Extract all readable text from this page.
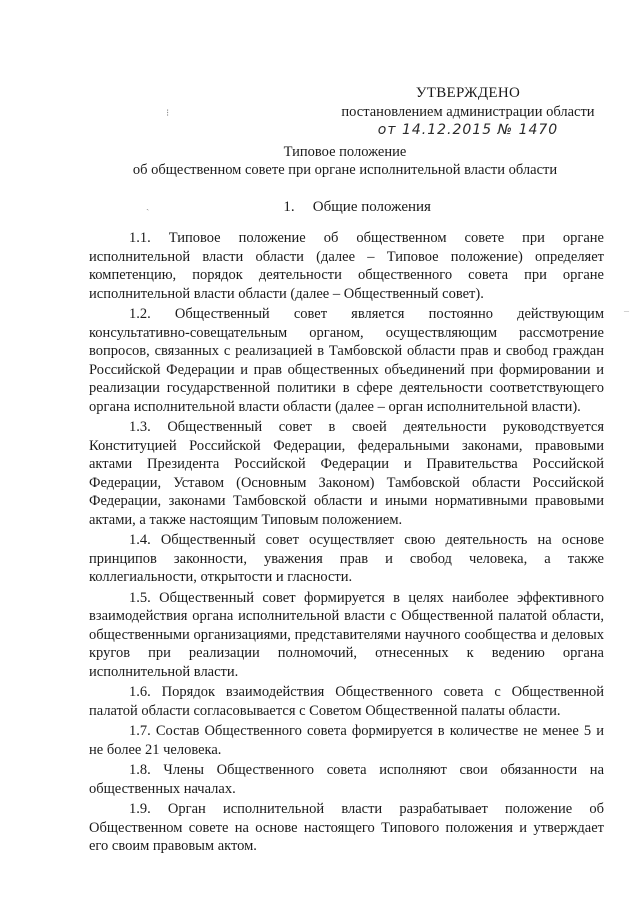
⁝
ˎ
–
УТВЕРЖДЕНО
постановлением администрации области
от 14.12.2015 № 1470
Типовое положение
об общественном совете при органе исполнительной власти области
1. Общие положения

1.1. Типовое положение об общественном совете при органе исполнительной власти области (далее – Типовое положение) определяет компетенцию, порядок деятельности общественного совета при органе исполнительной власти области (далее – Общественный совет).

1.2. Общественный совет является постоянно действующим консультативно-совещательным органом, осуществляющим рассмотрение вопросов, связанных с реализацией в Тамбовской области прав и свобод граждан Российской Федерации и прав общественных объединений при формировании и реализации государственной политики в сфере деятельности соответствующего органа исполнительной власти области (далее – орган исполнительной власти).

1.3. Общественный совет в своей деятельности руководствуется Конституцией Российской Федерации, федеральными законами, правовыми актами Президента Российской Федерации и Правительства Российской Федерации, Уставом (Основным Законом) Тамбовской области Российской Федерации, законами Тамбовской области и иными нормативными правовыми актами, а также настоящим Типовым положением.

1.4. Общественный совет осуществляет свою деятельность на основе принципов законности, уважения прав и свобод человека, а также коллегиальности, открытости и гласности.

1.5. Общественный совет формируется в целях наиболее эффективного взаимодействия органа исполнительной власти с Общественной палатой области, общественными организациями, представителями научного сообщества и деловых кругов при реализации полномочий, отнесенных к ведению органа исполнительной власти.

1.6. Порядок взаимодействия Общественного совета с Общественной палатой области согласовывается с Советом Общественной палаты области.

1.7. Состав Общественного совета формируется в количестве не менее 5 и не более 21 человека.

1.8. Члены Общественного совета исполняют свои обязанности на общественных началах.

1.9. Орган исполнительной власти разрабатывает положение об Общественном совете на основе настоящего Типового положения и утверждает его своим правовым актом.
